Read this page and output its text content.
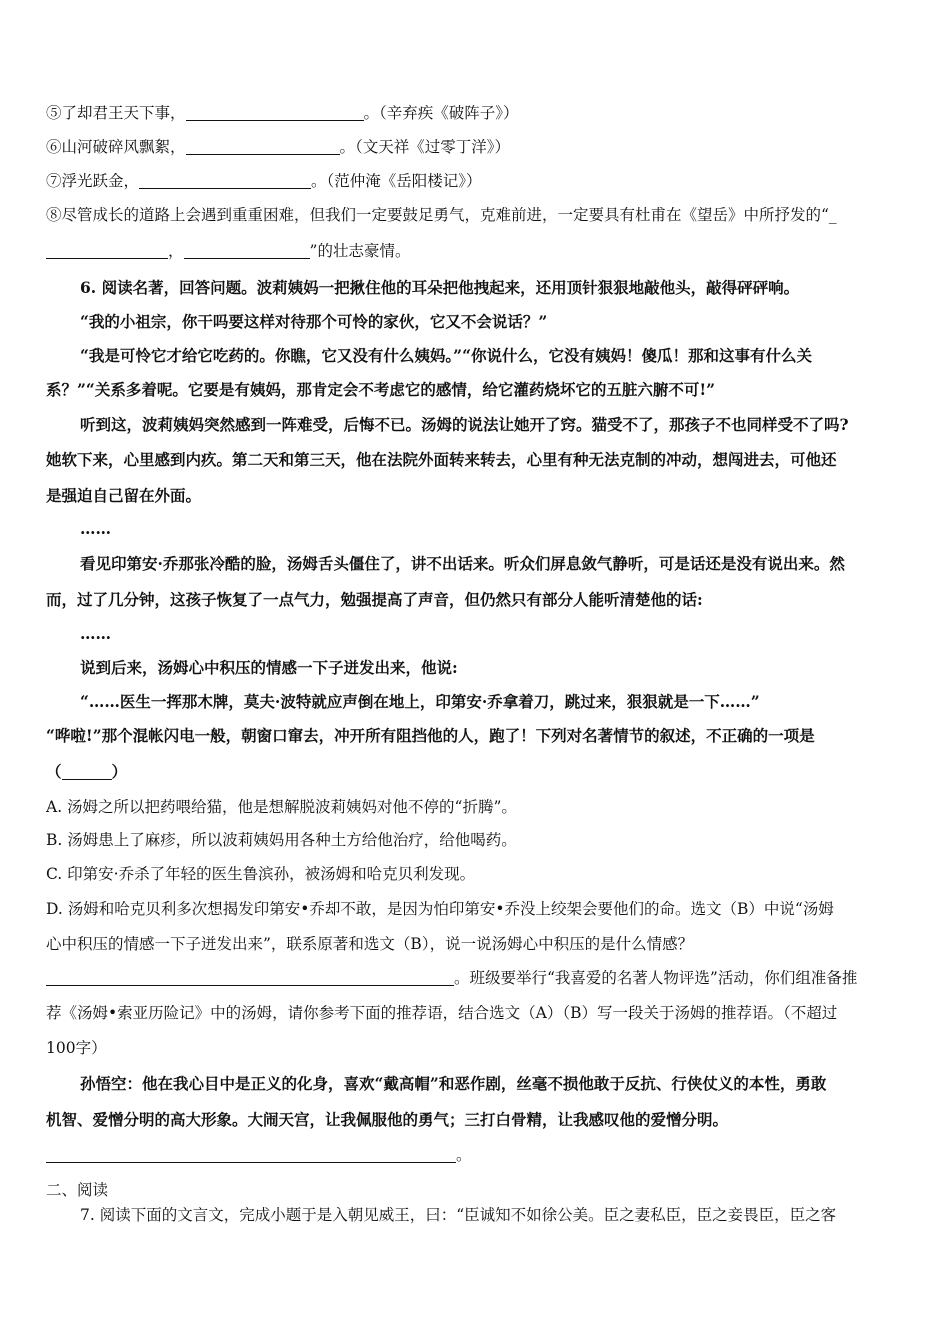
⑤了却君王天下事，	。（辛弃疾《破阵子》）
⑥山河破碎风飘絮，	。（文天祥《过零丁洋》）
⑦浮光跃金，	。（范仲淹《岳阳楼记》）
⑧尽管成长的道路上会遇到重重困难，但我们一定要鼓足勇气，克难前进，一定要具有杜甫在《望岳》中所抒发的“_
，	”的壮志豪情。
6. 阅读名著，回答问题。波莉姨妈一把揪住他的耳朵把他拽起来，还用顶针狠狠地敲他头，敲得砰砰响。
“我的小祖宗，你干吗要这样对待那个可怜的家伙，它又不会说话？”
“我是可怜它才给它吃药的。你瞧，它又没有什么姨妈。”“你说什么，它没有姨妈！傻瓜！那和这事有什么关
系？”“关系多着呢。它要是有姨妈，那肯定会不考虑它的感情，给它灌药烧坏它的五脏六腑不可!”
听到这，波莉姨妈突然感到一阵难受，后悔不已。汤姆的说法让她开了窍。猫受不了，那孩子不也同样受不了吗?
她软下来，心里感到内疚。第二天和第三天，他在法院外面转来转去，心里有种无法克制的冲动，想闯进去，可他还
是强迫自己留在外面。
……
看见印第安·乔那张冷酷的脸，汤姆舌头僵住了，讲不出话来。听众们屏息敛气静听，可是话还是没有说出来。然
而，过了几分钟，这孩子恢复了一点气力，勉强提高了声音，但仍然只有部分人能听清楚他的话:
……
说到后来，汤姆心中积压的情感一下子迸发出来，他说:
“……医生一挥那木牌，莫夫·波特就应声倒在地上，印第安·乔拿着刀，跳过来，狠狠就是一下……”
“哗啦!”那个混帐闪电一般，朝窗口窜去，冲开所有阻挡他的人，跑了！下列对名著情节的叙述，不正确的一项是
（	）
A. 汤姆之所以把药喂给猫，他是想解脱波莉姨妈对他不停的“折腾”。
B. 汤姆患上了麻疹，所以波莉姨妈用各种土方给他治疗，给他喝药。
C. 印第安·乔杀了年轻的医生鲁滨孙，被汤姆和哈克贝利发现。
D. 汤姆和哈克贝利多次想揭发印第安•乔却不敢，是因为怕印第安•乔没上绞架会要他们的命。选文（B）中说“汤姆
心中积压的情感一下子迸发出来”，联系原著和选文（B），说一说汤姆心中积压的是什么情感？
。班级要举行“我喜爱的名著人物评选”活动，你们组准备推
荐《汤姆•索亚历险记》中的汤姆，请你参考下面的推荐语，结合选文（A）（B）写一段关于汤姆的推荐语。（不超过
100字）
孙悟空：他在我心目中是正义的化身，喜欢“戴高帽”和恶作剧，丝毫不损他敢于反抗、行侠仗义的本性，勇敢
机智、爱憎分明的高大形象。大闹天宫，让我佩服他的勇气；三打白骨精，让我感叹他的爱憎分明。
。
二、阅读
7. 阅读下面的文言文，完成小题于是入朝见威王，曰：“臣诚知不如徐公美。臣之妻私臣，臣之妾畏臣，臣之客
